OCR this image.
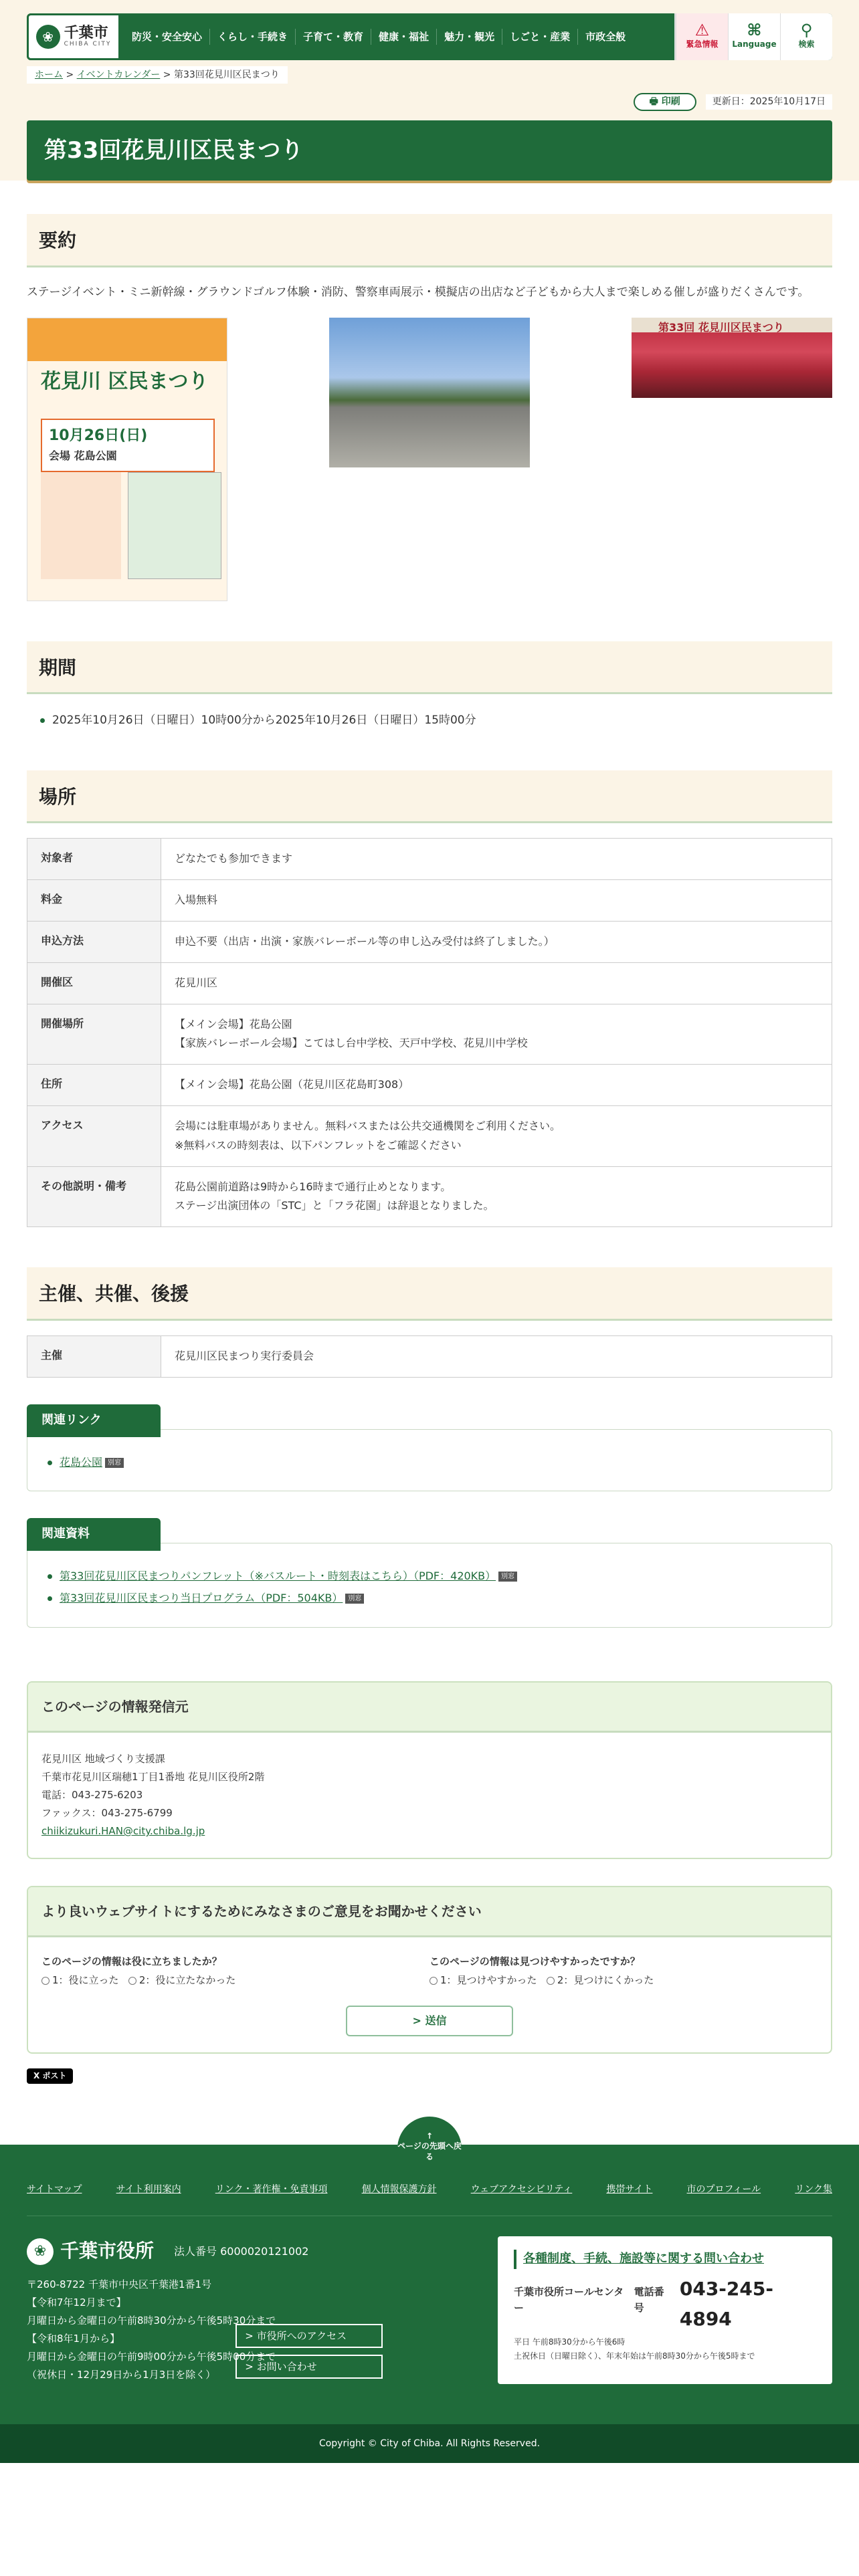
❀ 千葉市
CHIBA CITY
防災・安全安心	くらし・手続き	子育て・教育	健康・福祉	魅力・観光	しごと・産業	市政全般	⚠
緊急情報
⌘
Language
⚲
検索
ホーム > イベントカレンダー > 第33回花見川区民まつり
🖶 印刷	更新日：2025年10月17日
第33回花見川区民まつり
要約

ステージイベント・ミニ新幹線・グラウンドゴルフ体験・消防、警察車両展示・模擬店の出店など子どもから大人まで楽しめる催しが盛りだくさんです。

花見川 区民まつり
10月26日(日)
会場 花島公園
第33回 花見川区民まつり
期間
2025年10月26日（日曜日）10時00分から2025年10月26日（日曜日）15時00分
場所
対象者	どなたでも参加できます
料金	入場無料
申込方法	申込不要（出店・出演・家族バレーボール等の申し込み受付は終了しました。）
開催区	花見川区
開催場所	【メイン会場】花島公園
【家族バレーボール会場】こてはし台中学校、天戸中学校、花見川中学校

住所	【メイン会場】花島公園（花見川区花島町308）
アクセス	会場には駐車場がありません。無料バスまたは公共交通機関をご利用ください。
※無料バスの時刻表は、以下パンフレットをご確認ください

その他説明・備考	花島公園前道路は9時から16時まで通行止めとなります。
ステージ出演団体の「STC」と「フラ花園」は辞退となりました。
主催、共催、後援
主催	花見川区民まつり実行委員会
関連リンク
花島公園 別窓
関連資料
第33回花見川区民まつりパンフレット（※バスルート・時刻表はこちら）（PDF：420KB） 別窓
第33回花見川区民まつり当日プログラム（PDF：504KB） 別窓
このページの情報発信元
花見川区 地域づくり支援課
千葉市花見川区瑞穂1丁目1番地 花見川区役所2階
電話：043-275-6203
ファックス：043-275-6799
chiikizukuri.HAN@city.chiba.lg.jp
より良いウェブサイトにするためにみなさまのご意見をお聞かせください
このページの情報は役に立ちましたか？
1：役に立った 2：役に立たなかった
このページの情報は見つけやすかったですか？
1：見つけやすかった 2：見つけにくかった
> 送信
X ポスト
↑
ページの先頭へ戻る
サイトマップ	サイト利用案内	リンク・著作権・免責事項	個人情報保護方針	ウェブアクセシビリティ	携帯サイト	市のプロフィール	リンク集
❀ 千葉市役所 法人番号 6000020121002
〒260-8722 千葉市中央区千葉港1番1号
【令和7年12月まで】
月曜日から金曜日の午前8時30分から午後5時30分まで
【令和8年1月から】
月曜日から金曜日の午前9時00分から午後5時00分まで
（祝休日・12月29日から1月3日を除く）
> 市役所へのアクセス
> お問い合わせ
各種制度、手続、施設等に関する問い合わせ
千葉市役所コールセンター
電話番号
043-245-4894
平日 午前8時30分から午後6時
土祝休日（日曜日除く）、年末年始は午前8時30分から午後5時まで
Copyright © City of Chiba. All Rights Reserved.
